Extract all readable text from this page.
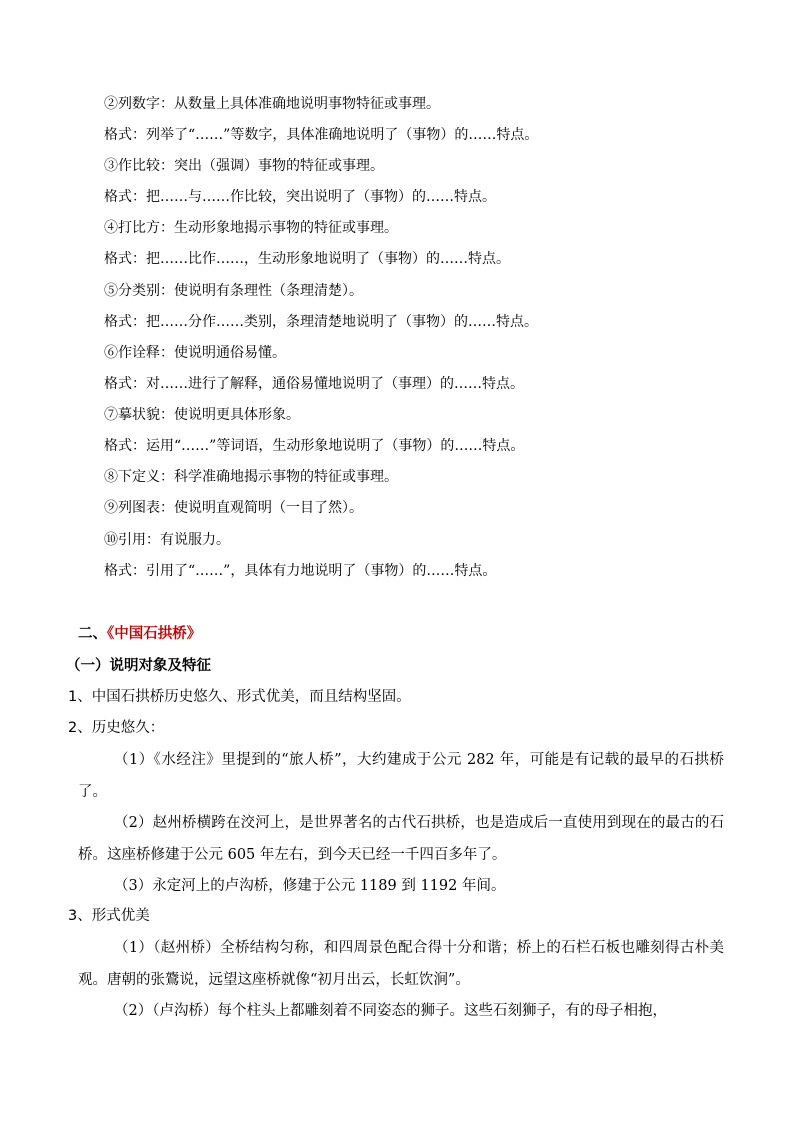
②列数字：从数量上具体准确地说明事物特征或事理。
格式：列举了“……”等数字，具体准确地说明了（事物）的……特点。
③作比较：突出（强调）事物的特征或事理。
格式：把……与……作比较，突出说明了（事物）的……特点。
④打比方：生动形象地揭示事物的特征或事理。
格式：把……比作……，生动形象地说明了（事物）的……特点。
⑤分类别：使说明有条理性（条理清楚）。
格式：把……分作……类别，条理清楚地说明了（事物）的……特点。
⑥作诠释：使说明通俗易懂。
格式：对……进行了解释，通俗易懂地说明了（事理）的……特点。
⑦摹状貌：使说明更具体形象。
格式：运用“……”等词语，生动形象地说明了（事物）的……特点。
⑧下定义：科学准确地揭示事物的特征或事理。
⑨列图表：使说明直观简明（一目了然）。
⑩引用：有说服力。
格式：引用了“……”，具体有力地说明了（事物）的……特点。
二、《中国石拱桥》
（一）说明对象及特征
1、中国石拱桥历史悠久、形式优美，而且结构坚固。
2、历史悠久：
（1）《水经注》里提到的“旅人桥”，大约建成于公元 282 年，可能是有记载的最早的石拱桥了。
（2）赵州桥横跨在洨河上，是世界著名的古代石拱桥，也是造成后一直使用到现在的最古的石桥。这座桥修建于公元 605 年左右，到今天已经一千四百多年了。
（3）永定河上的卢沟桥，修建于公元 1189 到 1192 年间。
3、形式优美
（1）（赵州桥）全桥结构匀称，和四周景色配合得十分和谐；桥上的石栏石板也雕刻得古朴美观。唐朝的张鷟说，远望这座桥就像“初月出云，长虹饮涧”。
（2）（卢沟桥）每个柱头上都雕刻着不同姿态的狮子。这些石刻狮子，有的母子相抱，
